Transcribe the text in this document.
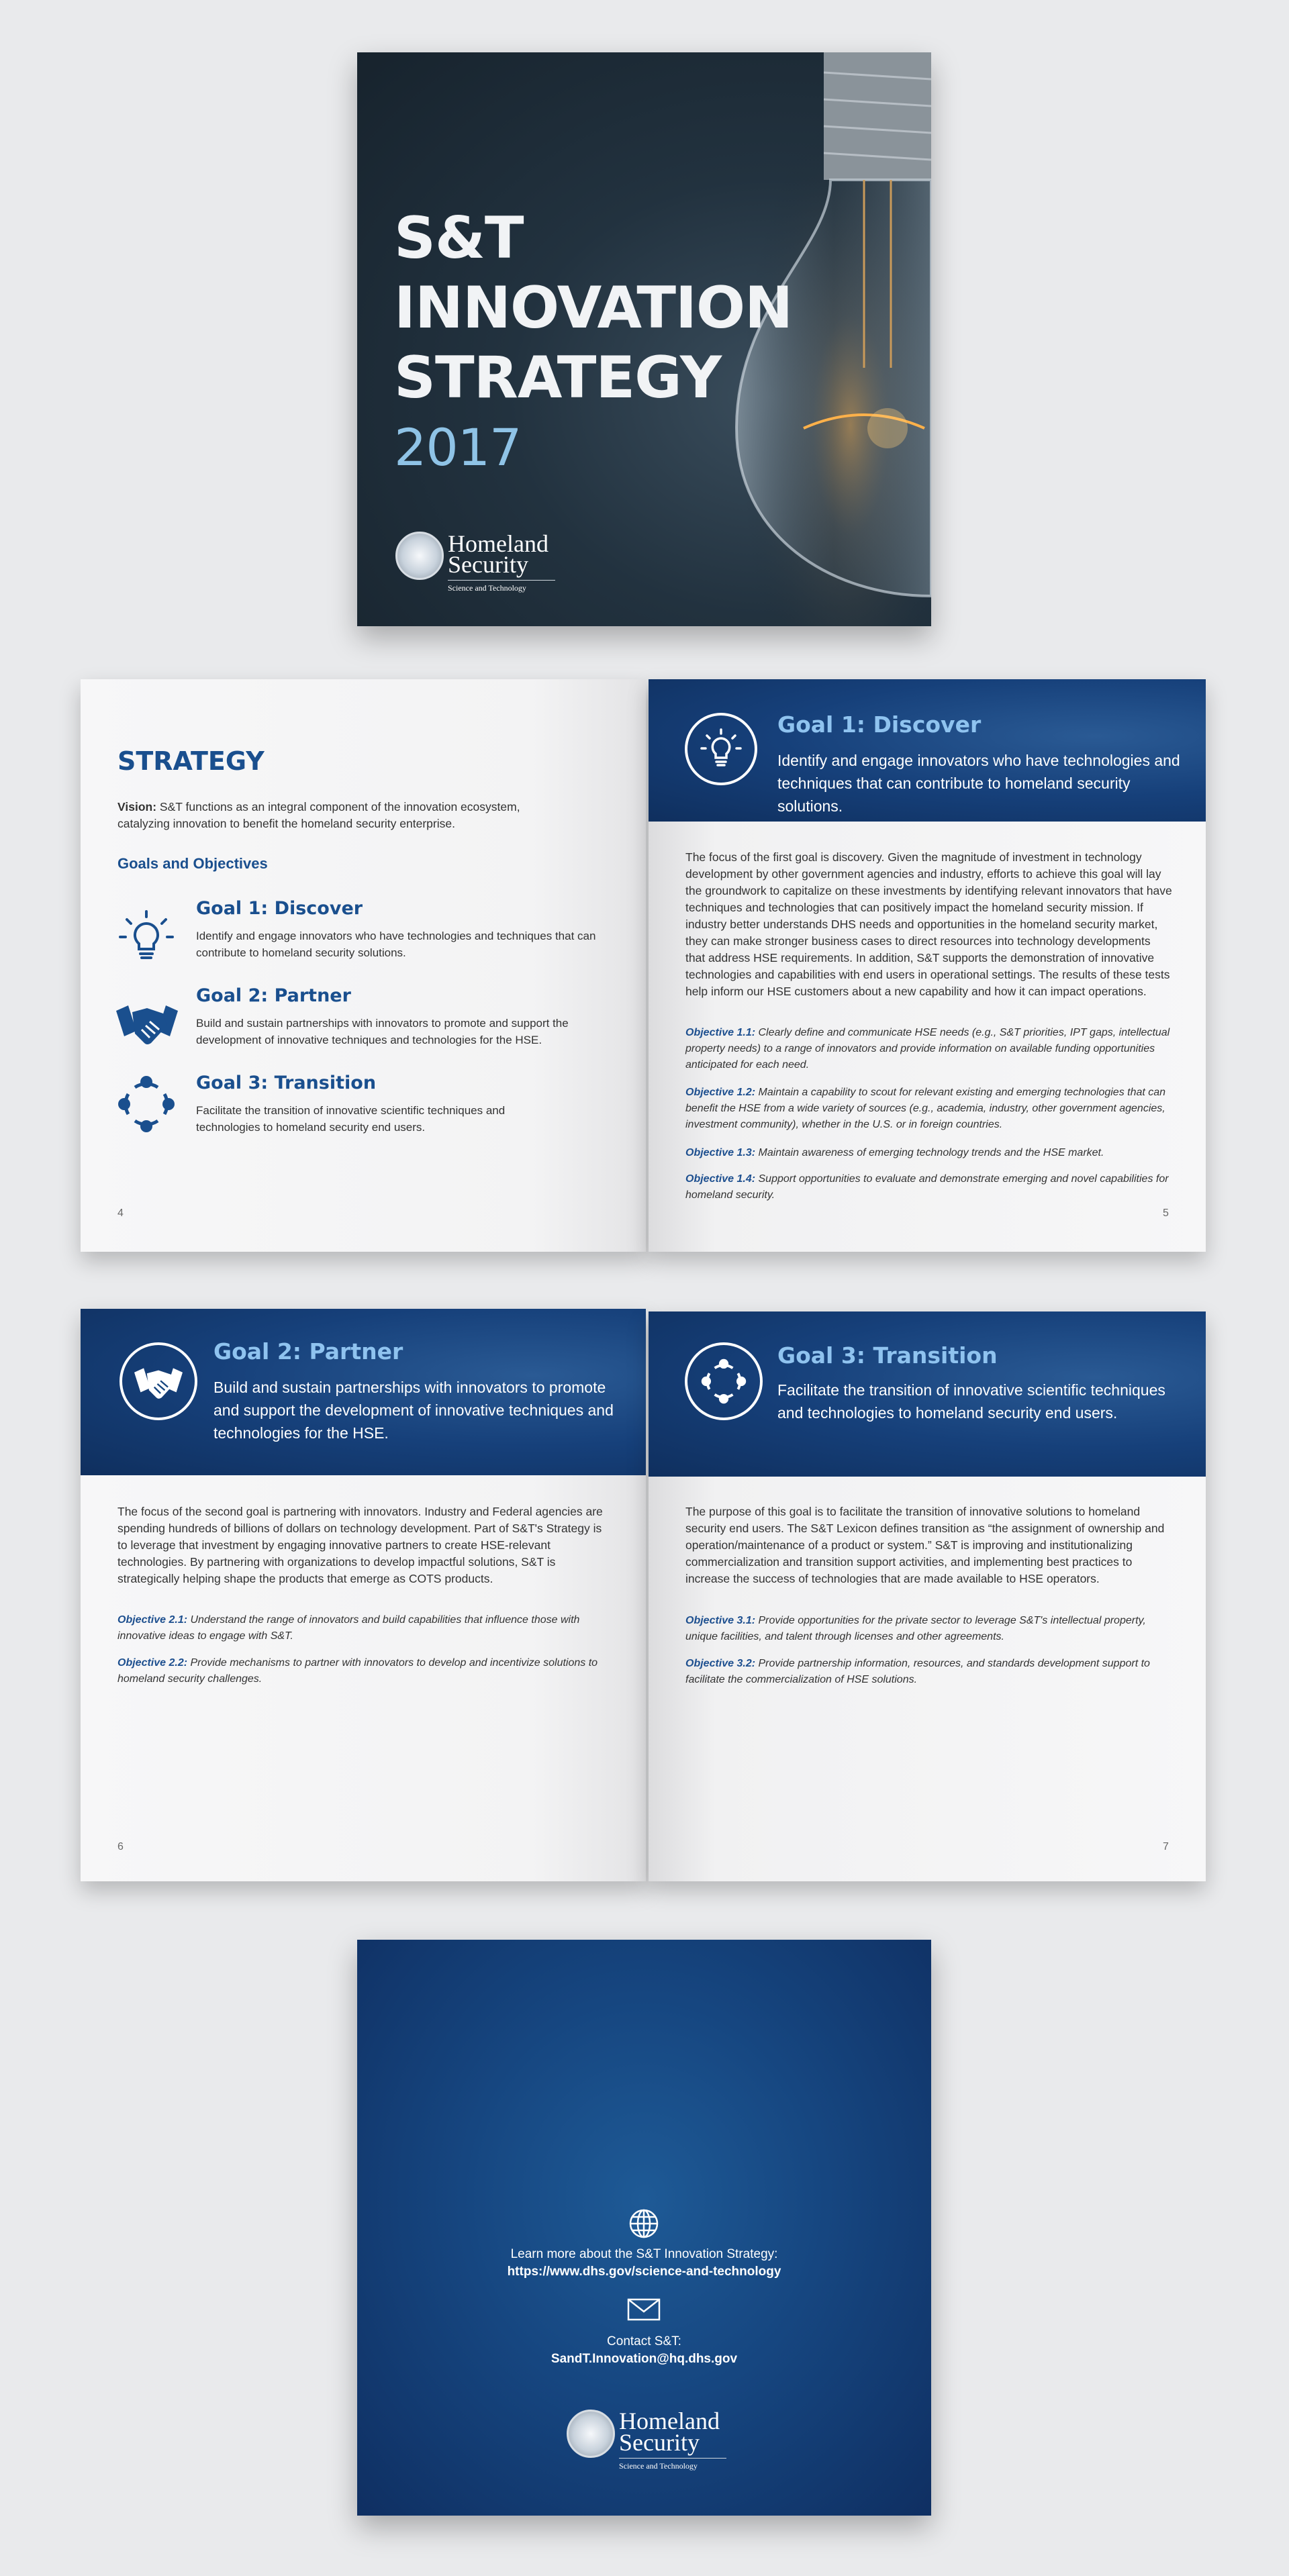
S&T
INNOVATION
STRATEGY
2017
Homeland
Security
Science and Technology
STRATEGY
Vision: S&T functions as an integral component of the innovation ecosystem, catalyzing innovation to benefit the homeland security enterprise.
Goals and Objectives
Goal 1: Discover
Identify and engage innovators who have technologies and techniques that can contribute to homeland security solutions.
Goal 2: Partner
Build and sustain partnerships with innovators to promote and support the development of innovative techniques and technologies for the HSE.
Goal 3: Transition
Facilitate the transition of innovative scientific techniques and technologies to homeland security end users.
4
Goal 1: Discover
Identify and engage innovators who have technologies and techniques that can contribute to homeland security solutions.
The focus of the first goal is discovery. Given the magnitude of investment in technology development by other government agencies and industry, efforts to achieve this goal will lay the groundwork to capitalize on these investments by identifying relevant innovators that have techniques and technologies that can positively impact the homeland security mission. If industry better understands DHS needs and opportunities in the homeland security market, they can make stronger business cases to direct resources into technology developments that address HSE requirements. In addition, S&T supports the demonstration of innovative technologies and capabilities with end users in operational settings. The results of these tests help inform our HSE customers about a new capability and how it can impact operations.
Objective 1.1: Clearly define and communicate HSE needs (e.g., S&T priorities, IPT gaps, intellectual property needs) to a range of innovators and provide information on available funding opportunities anticipated for each need.
Objective 1.2: Maintain a capability to scout for relevant existing and emerging technologies that can benefit the HSE from a wide variety of sources (e.g., academia, industry, other government agencies, investment community), whether in the U.S. or in foreign countries.
Objective 1.3: Maintain awareness of emerging technology trends and the HSE market.
Objective 1.4: Support opportunities to evaluate and demonstrate emerging and novel capabilities for homeland security.
5
Goal 2: Partner
Build and sustain partnerships with innovators to promote and support the development of innovative techniques and technologies for the HSE.
The focus of the second goal is partnering with innovators. Industry and Federal agencies are spending hundreds of billions of dollars on technology development. Part of S&T's Strategy is to leverage that investment by engaging innovative partners to create HSE-relevant technologies. By partnering with organizations to develop impactful solutions, S&T is strategically helping shape the products that emerge as COTS products.
Objective 2.1: Understand the range of innovators and build capabilities that influence those with innovative ideas to engage with S&T.
Objective 2.2: Provide mechanisms to partner with innovators to develop and incentivize solutions to homeland security challenges.
6
Goal 3: Transition
Facilitate the transition of innovative scientific techniques and technologies to homeland security end users.
The purpose of this goal is to facilitate the transition of innovative solutions to homeland security end users. The S&T Lexicon defines transition as “the assignment of ownership and operation/maintenance of a product or system.” S&T is improving and institutionalizing commercialization and transition support activities, and implementing best practices to increase the success of technologies that are made available to HSE operators.
Objective 3.1: Provide opportunities for the private sector to leverage S&T's intellectual property, unique facilities, and talent through licenses and other agreements.
Objective 3.2: Provide partnership information, resources, and standards development support to facilitate the commercialization of HSE solutions.
7
Learn more about the S&T Innovation Strategy:
https://www.dhs.gov/science-and-technology
Contact S&T:
SandT.Innovation@hq.dhs.gov
Homeland
Security
Science and Technology
